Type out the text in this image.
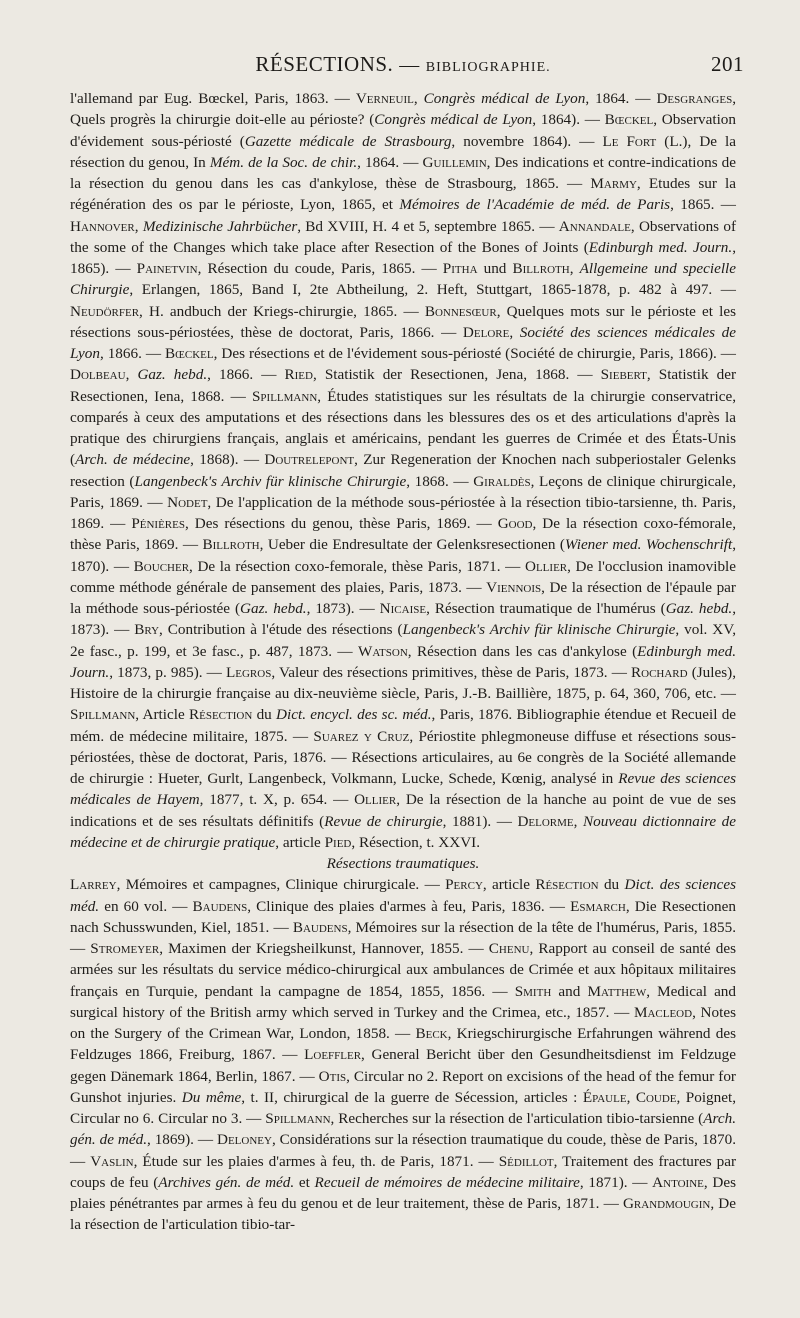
RÉSECTIONS. — BIBLIOGRAPHIE.	201

l'allemand par Eug. Bœckel, Paris, 1863. — Verneuil, Congrès médical de Lyon, 1864. — Desgranges, Quels progrès la chirurgie doit-elle au périoste? (Congrès médical de Lyon, 1864). — Bœckel, Observation d'évidement sous-périosté (Gazette médicale de Strasbourg, novembre 1864). — Le Fort (L.), De la résection du genou, In Mém. de la Soc. de chir., 1864. — Guillemin, Des indications et contre-indications de la résection du genou dans les cas d'ankylose, thèse de Strasbourg, 1865. — Marmy, Etudes sur la régénération des os par le périoste, Lyon, 1865, et Mémoires de l'Académie de méd. de Paris, 1865. — Hannover, Medizinische Jahrbücher, Bd XVIII, H. 4 et 5, septembre 1865. — Annandale, Observations of the some of the Changes which take place after Resection of the Bones of Joints (Edinburgh med. Journ., 1865). — Painetvin, Résection du coude, Paris, 1865. — Pitha und Billroth, Allgemeine und specielle Chirurgie, Erlangen, 1865, Band I, 2te Abtheilung, 2. Heft, Stuttgart, 1865-1878, p. 482 à 497. — Neudörfer, H. andbuch der Kriegs-chirurgie, 1865. — Bonnesœur, Quelques mots sur le périoste et les résections sous-périostées, thèse de doctorat, Paris, 1866. — Delore, Société des sciences médicales de Lyon, 1866. — Bœckel, Des résections et de l'évidement sous-périosté (Société de chirurgie, Paris, 1866). — Dolbeau, Gaz. hebd., 1866. — Ried, Statistik der Resectionen, Jena, 1868. — Siebert, Statistik der Resectionen, Iena, 1868. — Spillmann, Études statistiques sur les résultats de la chirurgie conservatrice, comparés à ceux des amputations et des résections dans les blessures des os et des articulations d'après la pratique des chirurgiens français, anglais et américains, pendant les guerres de Crimée et des États-Unis (Arch. de médecine, 1868). — Doutrelepont, Zur Regeneration der Knochen nach subperiostaler Gelenks resection (Langenbeck's Archiv für klinische Chirurgie, 1868. — Giraldès, Leçons de clinique chirurgicale, Paris, 1869. — Nodet, De l'application de la méthode sous-périostée à la résection tibio-tarsienne, th. Paris, 1869. — Pénières, Des résections du genou, thèse Paris, 1869. — Good, De la résection coxo-fémorale, thèse Paris, 1869. — Billroth, Ueber die Endresultate der Gelenksresectionen (Wiener med. Wochenschrift, 1870). — Boucher, De la résection coxo-femorale, thèse Paris, 1871. — Ollier, De l'occlusion inamovible comme méthode générale de pansement des plaies, Paris, 1873. — Viennois, De la résection de l'épaule par la méthode sous-périostée (Gaz. hebd., 1873). — Nicaise, Résection traumatique de l'humérus (Gaz. hebd., 1873). — Bry, Contribution à l'étude des résections (Langenbeck's Archiv für klinische Chirurgie, vol. XV, 2e fasc., p. 199, et 3e fasc., p. 487, 1873. — Watson, Résection dans les cas d'ankylose (Edinburgh med. Journ., 1873, p. 985). — Legros, Valeur des résections primitives, thèse de Paris, 1873. — Rochard (Jules), Histoire de la chirurgie française au dix-neuvième siècle, Paris, J.-B. Baillière, 1875, p. 64, 360, 706, etc. — Spillmann, Article Résection du Dict. encycl. des sc. méd., Paris, 1876. Bibliographie étendue et Recueil de mém. de médecine militaire, 1875. — Suarez y Cruz, Périostite phlegmoneuse diffuse et résections sous-périostées, thèse de doctorat, Paris, 1876. — Résections articulaires, au 6e congrès de la Société allemande de chirurgie : Hueter, Gurlt, Langenbeck, Volkmann, Lucke, Schede, Kœnig, analysé in Revue des sciences médicales de Hayem, 1877, t. X, p. 654. — Ollier, De la résection de la hanche au point de vue de ses indications et de ses résultats définitifs (Revue de chirurgie, 1881). — Delorme, Nouveau dictionnaire de médecine et de chirurgie pratique, article Pied, Résection, t. XXVI.

Résections traumatiques.

Larrey, Mémoires et campagnes, Clinique chirurgicale. — Percy, article Résection du Dict. des sciences méd. en 60 vol. — Baudens, Clinique des plaies d'armes à feu, Paris, 1836. — Esmarch, Die Resectionen nach Schusswunden, Kiel, 1851. — Baudens, Mémoires sur la résection de la tête de l'humérus, Paris, 1855. — Stromeyer, Maximen der Kriegsheilkunst, Hannover, 1855. — Chenu, Rapport au conseil de santé des armées sur les résultats du service médico-chirurgical aux ambulances de Crimée et aux hôpitaux militaires français en Turquie, pendant la campagne de 1854, 1855, 1856. — Smith and Matthew, Medical and surgical history of the British army which served in Turkey and the Crimea, etc., 1857. — Macleod, Notes on the Surgery of the Crimean War, London, 1858. — Beck, Kriegschirurgische Erfahrungen während des Feldzuges 1866, Freiburg, 1867. — Loeffler, General Bericht über den Gesundheitsdienst im Feldzuge gegen Dänemark 1864, Berlin, 1867. — Otis, Circular no 2. Report on excisions of the head of the femur for Gunshot injuries. Du même, t. II, chirurgical de la guerre de Sécession, articles : Épaule, Coude, Poignet, Circular no 6. Circular no 3. — Spillmann, Recherches sur la résection de l'articulation tibio-tarsienne (Arch. gén. de méd., 1869). — Deloney, Considérations sur la résection traumatique du coude, thèse de Paris, 1870. — Vaslin, Étude sur les plaies d'armes à feu, th. de Paris, 1871. — Sédillot, Traitement des fractures par coups de feu (Archives gén. de méd. et Recueil de mémoires de médecine militaire, 1871). — Antoine, Des plaies pénétrantes par armes à feu du genou et de leur traitement, thèse de Paris, 1871. — Grandmougin, De la résection de l'articulation tibio-tar-
